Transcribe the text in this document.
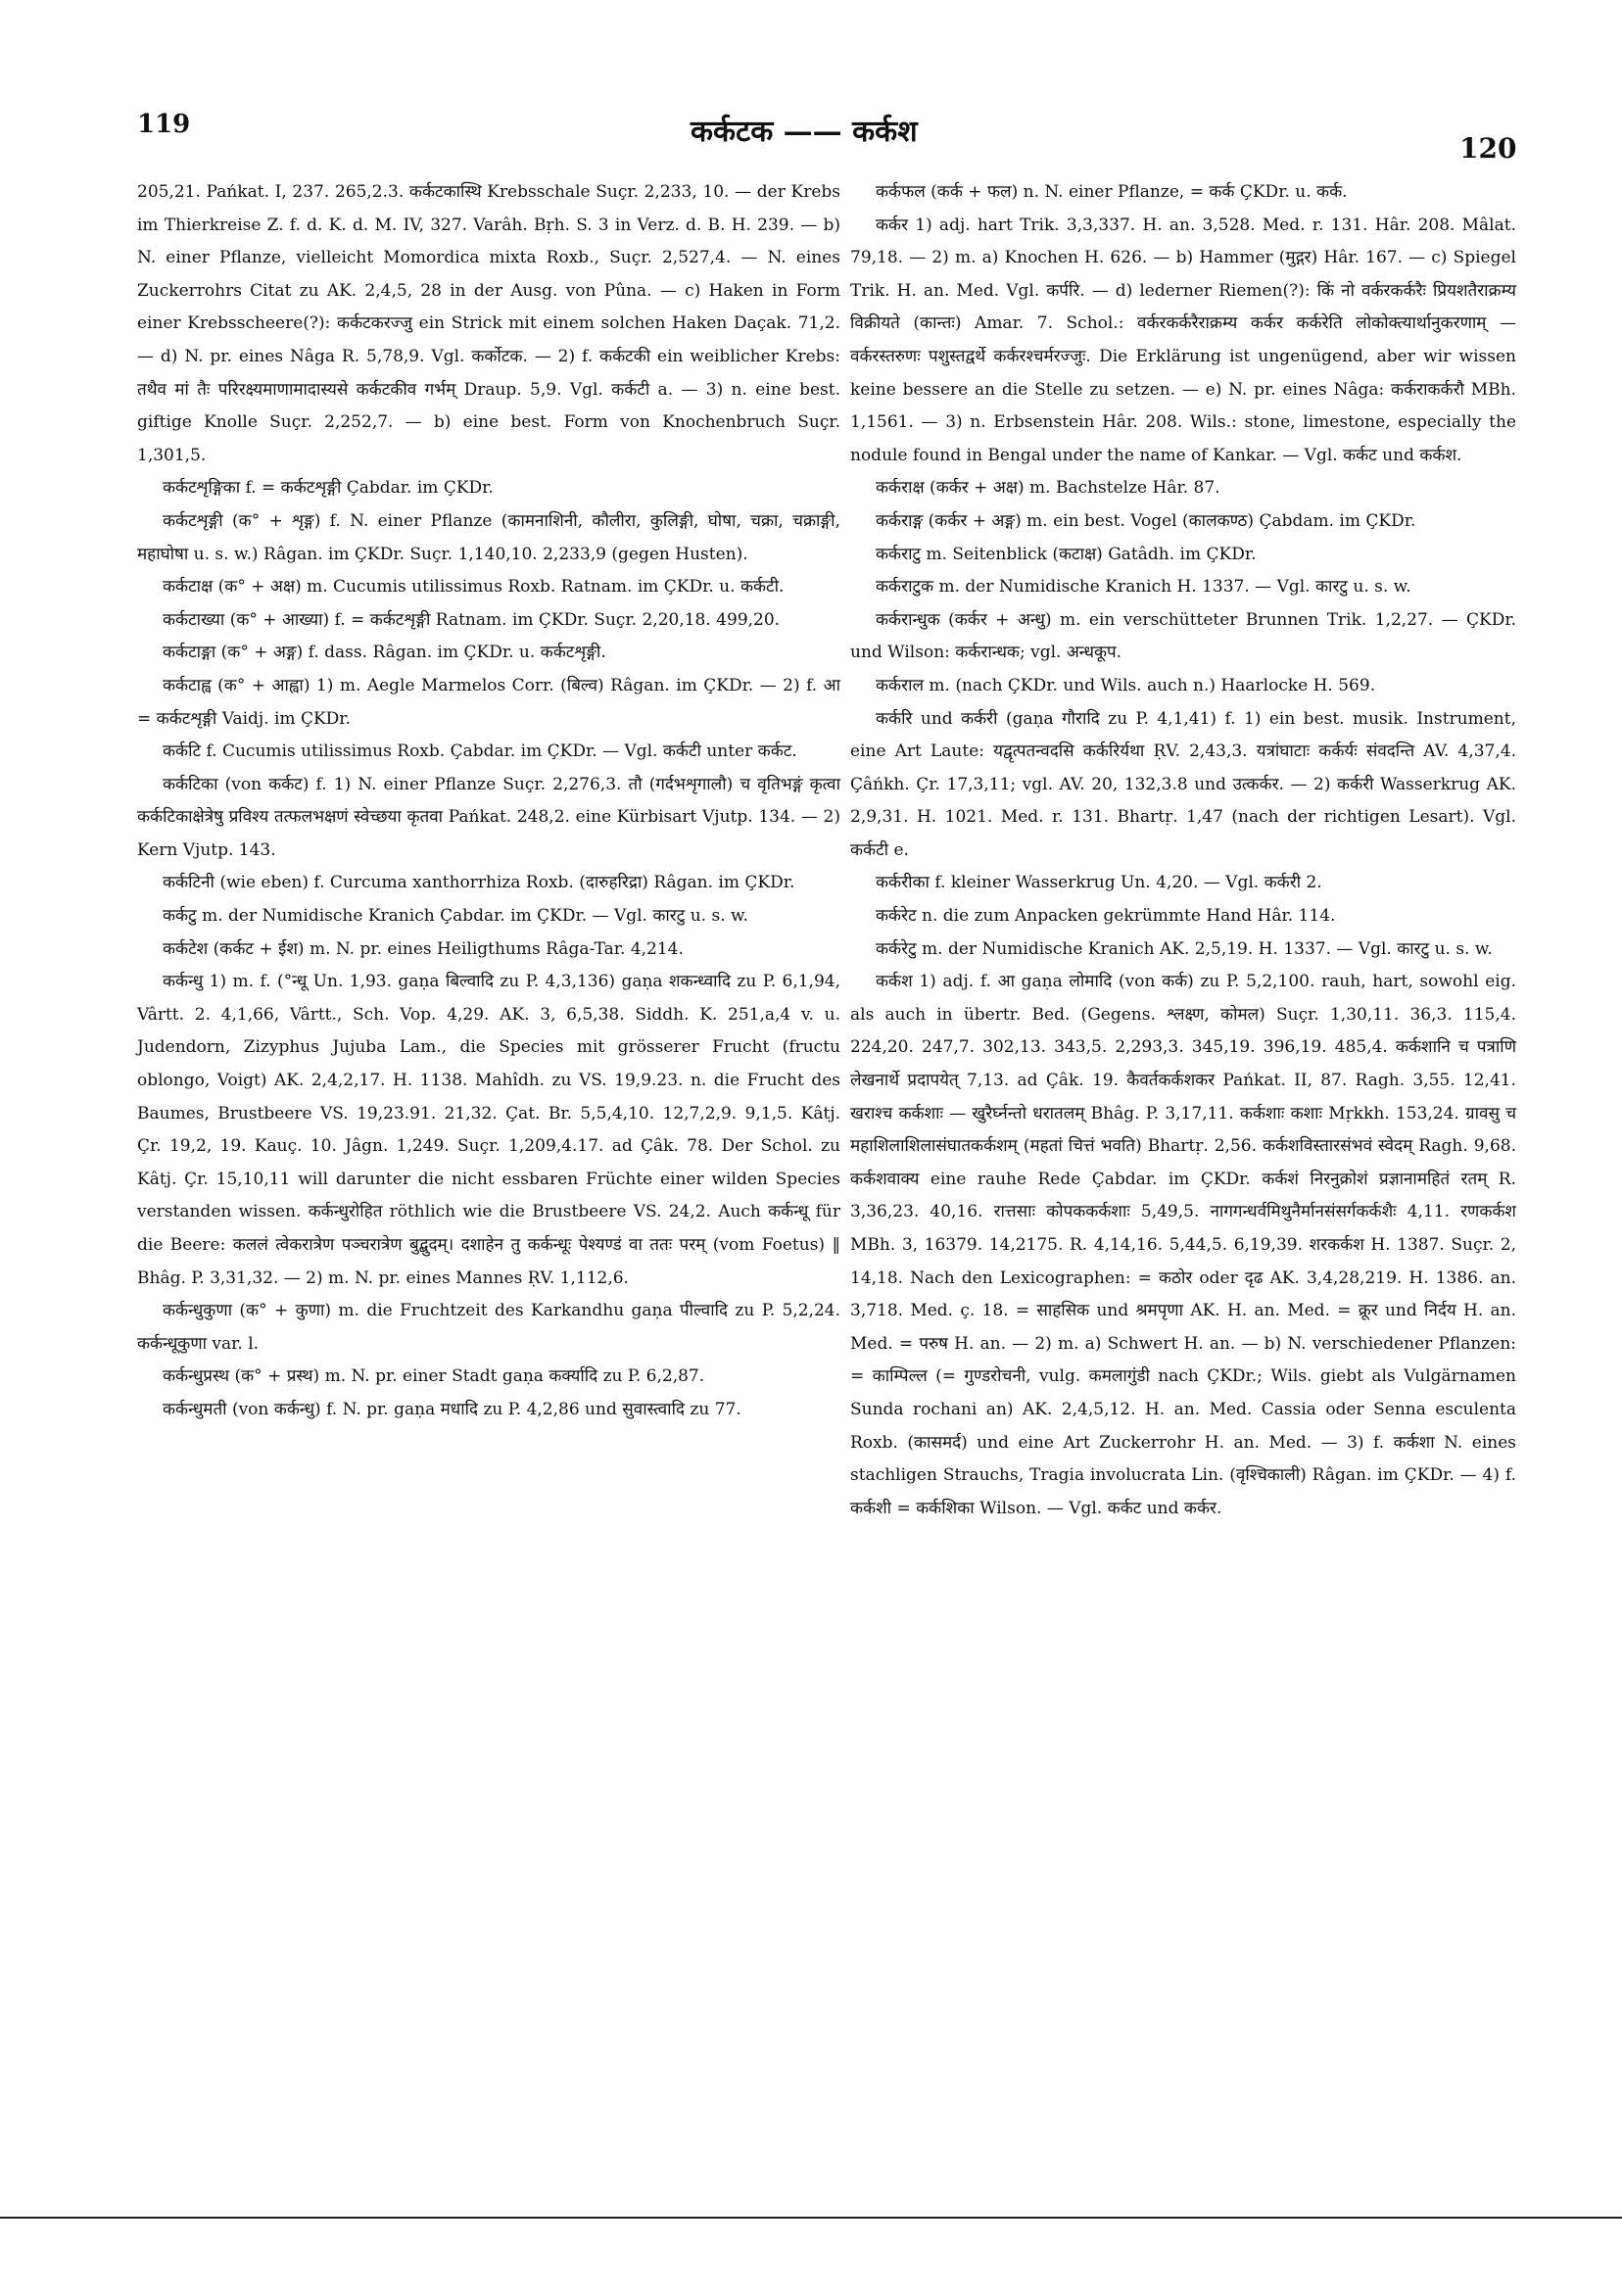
119	कर्कटक —— कर्कश	120

205,21. Pańkat. I, 237. 265,2.3. कर्कटकास्थि Krebsschale Suçr. 2,233, 10. — der Krebs im Thierkreise Z. f. d. K. d. M. IV, 327. Varâh. Bṛh. S. 3 in Verz. d. B. H. 239. — b) N. einer Pflanze, vielleicht Momordica mixta Roxb., Suçr. 2,527,4. — N. eines Zuckerrohrs Citat zu AK. 2,4,5, 28 in der Ausg. von Pûna. — c) Haken in Form einer Krebsscheere(?): कर्कटकरज्जु ein Strick mit einem solchen Haken Daçak. 71,2. — d) N. pr. eines Nâga R. 5,78,9. Vgl. कर्कोटक. — 2) f. कर्कटकी ein weiblicher Krebs: तथैव मां तैः परिरक्ष्यमाणामादास्यसे कर्कटकीव गर्भम् Draup. 5,9. Vgl. कर्कटी a. — 3) n. eine best. giftige Knolle Suçr. 2,252,7. — b) eine best. Form von Knochenbruch Suçr. 1,301,5.

कर्कटशृङ्गिका f. = कर्कटशृङ्गी Çabdar. im ÇKDr.

कर्कटशृङ्गी (क° + शृङ्ग) f. N. einer Pflanze (कामनाशिनी, कौलीरा, कुलिङ्गी, घोषा, चक्रा, चक्राङ्गी, महाघोषा u. s. w.) Râgan. im ÇKDr. Suçr. 1,140,10. 2,233,9 (gegen Husten).

कर्कटाक्ष (क° + अक्ष) m. Cucumis utilissimus Roxb. Ratnam. im ÇKDr. u. कर्कटी.

कर्कटाख्या (क° + आख्या) f. = कर्कटशृङ्गी Ratnam. im ÇKDr. Suçr. 2,20,18. 499,20.

कर्कटाङ्गा (क° + अङ्ग) f. dass. Râgan. im ÇKDr. u. कर्कटशृङ्गी.

कर्कटाह्व (क° + आह्वा) 1) m. Aegle Marmelos Corr. (बिल्व) Râgan. im ÇKDr. — 2) f. आ = कर्कटशृङ्गी Vaidj. im ÇKDr.

कर्कटि f. Cucumis utilissimus Roxb. Çabdar. im ÇKDr. — Vgl. कर्कटी unter कर्कट.

कर्कटिका (von कर्कट) f. 1) N. einer Pflanze Suçr. 2,276,3. तौ (गर्दभशृगालौ) च वृतिभङ्गं कृत्वा कर्कटिकाक्षेत्रेषु प्रविश्य तत्फलभक्षणं स्वेच्छया कृतवा Pańkat. 248,2. eine Kürbisart Vjutp. 134. — 2) Kern Vjutp. 143.

कर्कटिनी (wie eben) f. Curcuma xanthorrhiza Roxb. (दारुहरिद्रा) Râgan. im ÇKDr.

कर्कटु m. der Numidische Kranich Çabdar. im ÇKDr. — Vgl. कारटु u. s. w.

कर्कटेश (कर्कट + ईश) m. N. pr. eines Heiligthums Râga-Tar. 4,214.

कर्कन्धु 1) m. f. (°न्धू Un. 1,93. gaṇa बिल्वादि zu P. 4,3,136) gaṇa शकन्ध्वादि zu P. 6,1,94, Vârtt. 2. 4,1,66, Vârtt., Sch. Vop. 4,29. AK. 3, 6,5,38. Siddh. K. 251,a,4 v. u. Judendorn, Zizyphus Jujuba Lam., die Species mit grösserer Frucht (fructu oblongo, Voigt) AK. 2,4,2,17. H. 1138. Mahîdh. zu VS. 19,9.23. n. die Frucht des Baumes, Brustbeere VS. 19,23.91. 21,32. Çat. Br. 5,5,4,10. 12,7,2,9. 9,1,5. Kâtj. Çr. 19,2, 19. Kauç. 10. Jâgn. 1,249. Suçr. 1,209,4.17. ad Çâk. 78. Der Schol. zu Kâtj. Çr. 15,10,11 will darunter die nicht essbaren Früchte einer wilden Species verstanden wissen. कर्कन्धुरोहित röthlich wie die Brustbeere VS. 24,2. Auch कर्कन्धू für die Beere: कललं त्वेकरात्रेण पञ्चरात्रेण बुद्बुदम्। दशाहेन तु कर्कन्धूः पेश्यण्डं वा ततः परम् (vom Foetus) ‖ Bhâg. P. 3,31,32. — 2) m. N. pr. eines Mannes ṚV. 1,112,6.

कर्कन्धुकुणा (क° + कुणा) m. die Fruchtzeit des Karkandhu gaṇa पील्वादि zu P. 5,2,24. कर्कन्धूकुणा var. l.

कर्कन्धुप्रस्थ (क° + प्रस्थ) m. N. pr. einer Stadt gaṇa कर्क्यादि zu P. 6,2,87.

कर्कन्धुमती (von कर्कन्धु) f. N. pr. gaṇa मधादि zu P. 4,2,86 und सुवास्त्वादि zu 77.

कर्कफल (कर्क + फल) n. N. einer Pflanze, = कर्क ÇKDr. u. कर्क.

कर्कर 1) adj. hart Trik. 3,3,337. H. an. 3,528. Med. r. 131. Hâr. 208. Mâlat. 79,18. — 2) m. a) Knochen H. 626. — b) Hammer (मुद्गर) Hâr. 167. — c) Spiegel Trik. H. an. Med. Vgl. कर्परि. — d) lederner Riemen(?): किं नो वर्करकर्करैः प्रियशतैराक्रम्य विक्रीयते (कान्तः) Amar. 7. Schol.: वर्करकर्करैराक्रम्य कर्कर कर्करेति लोकोक्त्यार्थानुकरणाम् — वर्करस्तरुणः पशुस्तद्वर्थे कर्करश्चर्मरज्जुः. Die Erklärung ist ungenügend, aber wir wissen keine bessere an die Stelle zu setzen. — e) N. pr. eines Nâga: कर्कराकर्करौ MBh. 1,1561. — 3) n. Erbsenstein Hâr. 208. Wils.: stone, limestone, especially the nodule found in Bengal under the name of Kankar. — Vgl. कर्कट und कर्कश.

कर्कराक्ष (कर्कर + अक्ष) m. Bachstelze Hâr. 87.

कर्कराङ्ग (कर्कर + अङ्ग) m. ein best. Vogel (कालकण्ठ) Çabdam. im ÇKDr.

कर्कराटु m. Seitenblick (कटाक्ष) Gatâdh. im ÇKDr.

कर्कराटुक m. der Numidische Kranich H. 1337. — Vgl. कारटु u. s. w.

कर्करान्धुक (कर्कर + अन्धु) m. ein verschütteter Brunnen Trik. 1,2,27. — ÇKDr. und Wilson: कर्करान्धक; vgl. अन्धकूप.

कर्कराल m. (nach ÇKDr. und Wils. auch n.) Haarlocke H. 569.

कर्करि und कर्करी (gaṇa गौरादि zu P. 4,1,41) f. 1) ein best. musik. Instrument, eine Art Laute: यद्वृत्पतन्वदसि कर्करिर्यथा ṚV. 2,43,3. यत्रांघाटाः कर्कर्यः संवदन्ति AV. 4,37,4. Çâńkh. Çr. 17,3,11; vgl. AV. 20, 132,3.8 und उत्कर्कर. — 2) कर्करी Wasserkrug AK. 2,9,31. H. 1021. Med. r. 131. Bhartṛ. 1,47 (nach der richtigen Lesart). Vgl. कर्कटी e.

कर्करीका f. kleiner Wasserkrug Un. 4,20. — Vgl. कर्करी 2.

कर्करेट n. die zum Anpacken gekrümmte Hand Hâr. 114.

कर्करेटु m. der Numidische Kranich AK. 2,5,19. H. 1337. — Vgl. कारटु u. s. w.

कर्कश 1) adj. f. आ gaṇa लोमादि (von कर्क) zu P. 5,2,100. rauh, hart, sowohl eig. als auch in übertr. Bed. (Gegens. श्लक्ष्ण, कोमल) Suçr. 1,30,11. 36,3. 115,4. 224,20. 247,7. 302,13. 343,5. 2,293,3. 345,19. 396,19. 485,4. कर्कशानि च पत्राणि लेखनार्थे प्रदापयेत् 7,13. ad Çâk. 19. कैवर्तकर्कशकर Pańkat. II, 87. Ragh. 3,55. 12,41. खराश्च कर्कशाः — खुरैर्घ्नन्तो धरातलम् Bhâg. P. 3,17,11. कर्कशाः कशाः Mṛkkh. 153,24. ग्रावसु च महाशिलाशिलासंघातकर्कशम् (महतां चित्तं भवति) Bhartṛ. 2,56. कर्कशविस्तारसंभवं स्वेदम् Ragh. 9,68. कर्कशवाक्य eine rauhe Rede Çabdar. im ÇKDr. कर्कशं निरनुक्रोशं प्रज्ञानामहितं रतम् R. 3,36,23. 40,16. रात्तसाः कोपककर्कशाः 5,49,5. नागगन्धर्वमिथुनैर्मानसंसर्गकर्कशैः 4,11. रणकर्कश MBh. 3, 16379. 14,2175. R. 4,14,16. 5,44,5. 6,19,39. शरकर्कश H. 1387. Suçr. 2, 14,18. Nach den Lexicographen: = कठोर oder दृढ AK. 3,4,28,219. H. 1386. an. 3,718. Med. ç. 18. = साहसिक und श्रमपृणा AK. H. an. Med. = क्रूर und निर्दय H. an. Med. = परुष H. an. — 2) m. a) Schwert H. an. — b) N. verschiedener Pflanzen: = काम्पिल्ल (= गुण्डरोचनी, vulg. कमलागुंडी nach ÇKDr.; Wils. giebt als Vulgärnamen Sunda rochani an) AK. 2,4,5,12. H. an. Med. Cassia oder Senna esculenta Roxb. (कासमर्द) und eine Art Zuckerrohr H. an. Med. — 3) f. कर्कशा N. eines stachligen Strauchs, Tragia involucrata Lin. (वृश्चिकाली) Râgan. im ÇKDr. — 4) f. कर्कशी = कर्कशिका Wilson. — Vgl. कर्कट und कर्कर.
